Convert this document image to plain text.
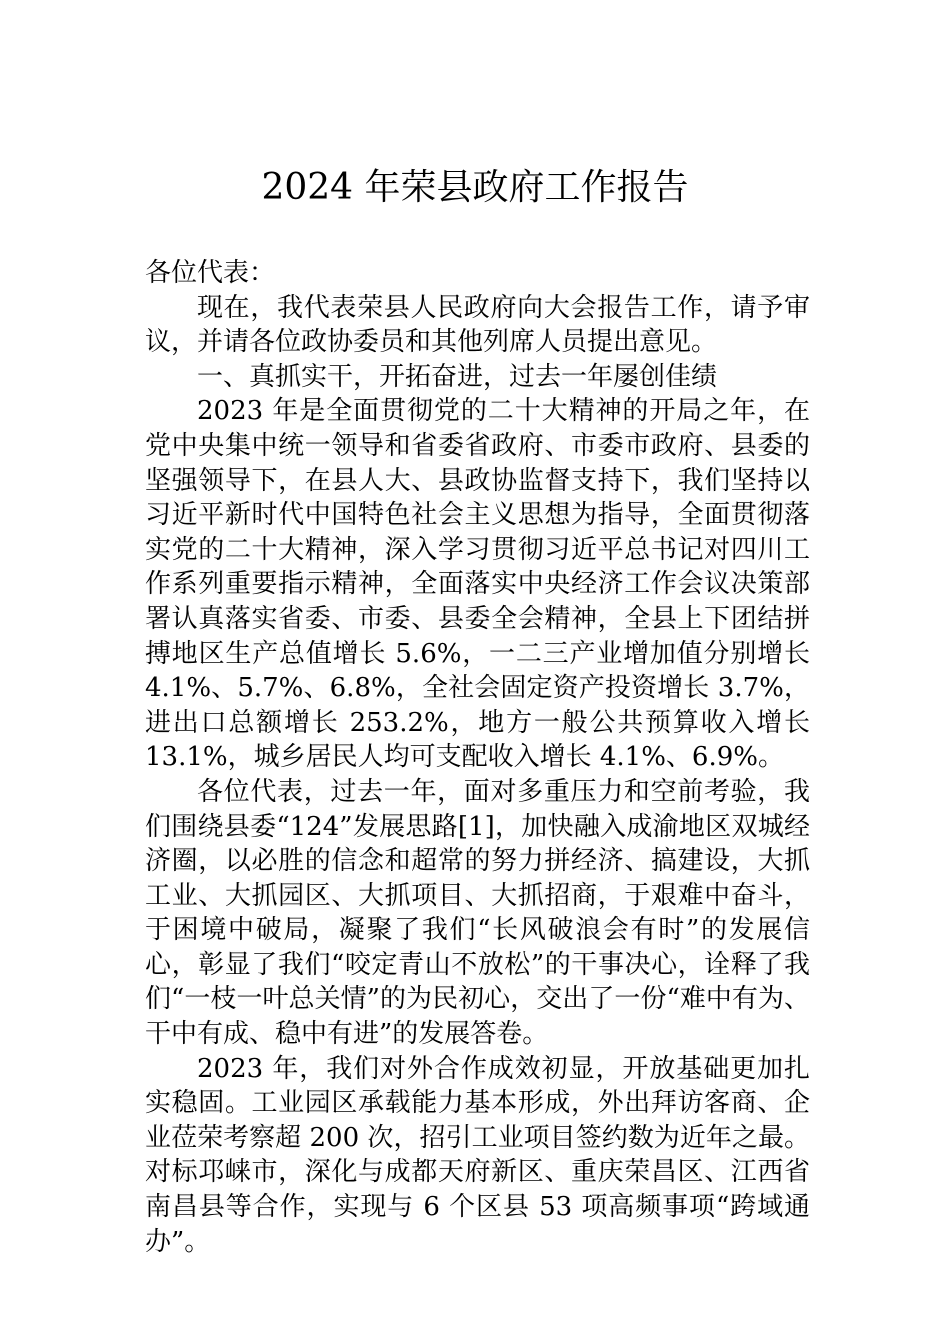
2024 年荣县政府工作报告

各位代表：

现在，我代表荣县人民政府向大会报告工作，请予审议，并请各位政协委员和其他列席人员提出意见。

一、真抓实干，开拓奋进，过去一年屡创佳绩

2023 年是全面贯彻党的二十大精神的开局之年，在党中央集中统一领导和省委省政府、市委市政府、县委的坚强领导下，在县人大、县政协监督支持下，我们坚持以习近平新时代中国特色社会主义思想为指导，全面贯彻落实党的二十大精神，深入学习贯彻习近平总书记对四川工作系列重要指示精神，全面落实中央经济工作会议决策部署认真落实省委、市委、县委全会精神，全县上下团结拼搏地区生产总值增长 5.6%，一二三产业增加值分别增长 4.1%、5.7%、6.8%，全社会固定资产投资增长 3.7%，进出口总额增长 253.2%，地方一般公共预算收入增长 13.1%，城乡居民人均可支配收入增长 4.1%、6.9%。

各位代表，过去一年，面对多重压力和空前考验，我们围绕县委“124”发展思路[1]，加快融入成渝地区双城经济圈，以必胜的信念和超常的努力拼经济、搞建设，大抓工业、大抓园区、大抓项目、大抓招商，于艰难中奋斗，于困境中破局，凝聚了我们“长风破浪会有时”的发展信心，彰显了我们“咬定青山不放松”的干事决心，诠释了我们“一枝一叶总关情”的为民初心，交出了一份“难中有为、干中有成、稳中有进”的发展答卷。

2023 年，我们对外合作成效初显，开放基础更加扎实稳固。工业园区承载能力基本形成，外出拜访客商、企业莅荣考察超 200 次，招引工业项目签约数为近年之最。对标邛崃市，深化与成都天府新区、重庆荣昌区、江西省南昌县等合作，实现与 6 个区县 53 项高频事项“跨域通办”。
